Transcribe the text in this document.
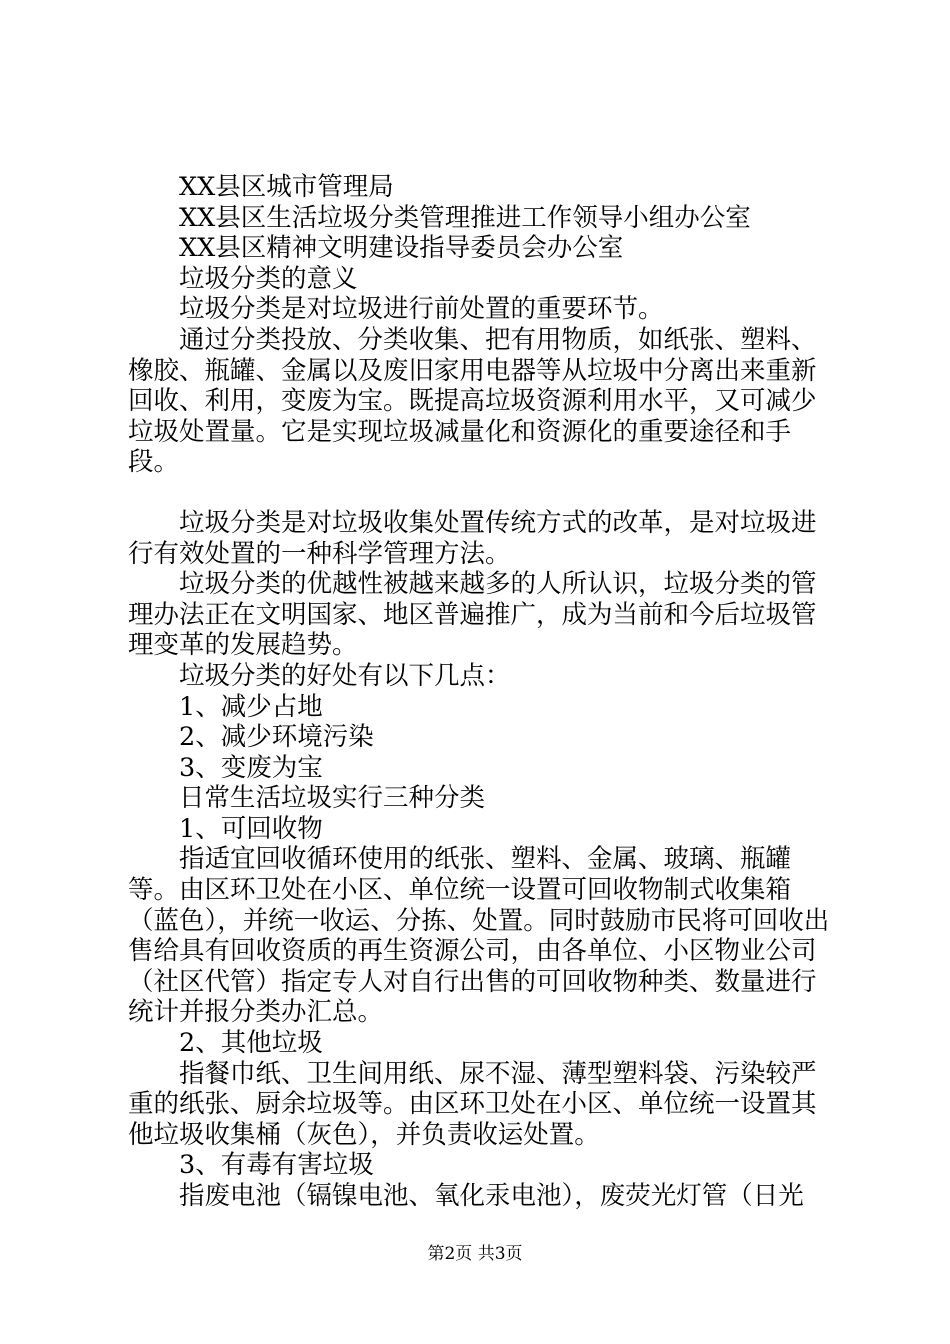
XX县区城市管理局

XX县区生活垃圾分类管理推进工作领导小组办公室

XX县区精神文明建设指导委员会办公室

垃圾分类的意义

垃圾分类是对垃圾进行前处置的重要环节。

通过分类投放、分类收集、把有用物质，如纸张、塑料、橡胶、瓶罐、金属以及废旧家用电器等从垃圾中分离出来重新回收、利用，变废为宝。既提高垃圾资源利用水平，又可减少垃圾处置量。它是实现垃圾减量化和资源化的重要途径和手段。

垃圾分类是对垃圾收集处置传统方式的改革，是对垃圾进行有效处置的一种科学管理方法。

垃圾分类的优越性被越来越多的人所认识，垃圾分类的管理办法正在文明国家、地区普遍推广，成为当前和今后垃圾管理变革的发展趋势。

垃圾分类的好处有以下几点：

1、减少占地

2、减少环境污染

3、变废为宝

日常生活垃圾实行三种分类

1、可回收物

指适宜回收循环使用的纸张、塑料、金属、玻璃、瓶罐等。由区环卫处在小区、单位统一设置可回收物制式收集箱（蓝色），并统一收运、分拣、处置。同时鼓励市民将可回收出售给具有回收资质的再生资源公司，由各单位、小区物业公司（社区代管）指定专人对自行出售的可回收物种类、数量进行统计并报分类办汇总。

2、其他垃圾

指餐巾纸、卫生间用纸、尿不湿、薄型塑料袋、污染较严重的纸张、厨余垃圾等。由区环卫处在小区、单位统一设置其他垃圾收集桶（灰色），并负责收运处置。

3、有毒有害垃圾

指废电池（镉镍电池、氧化汞电池），废荧光灯管（日光

第2页 共3页
